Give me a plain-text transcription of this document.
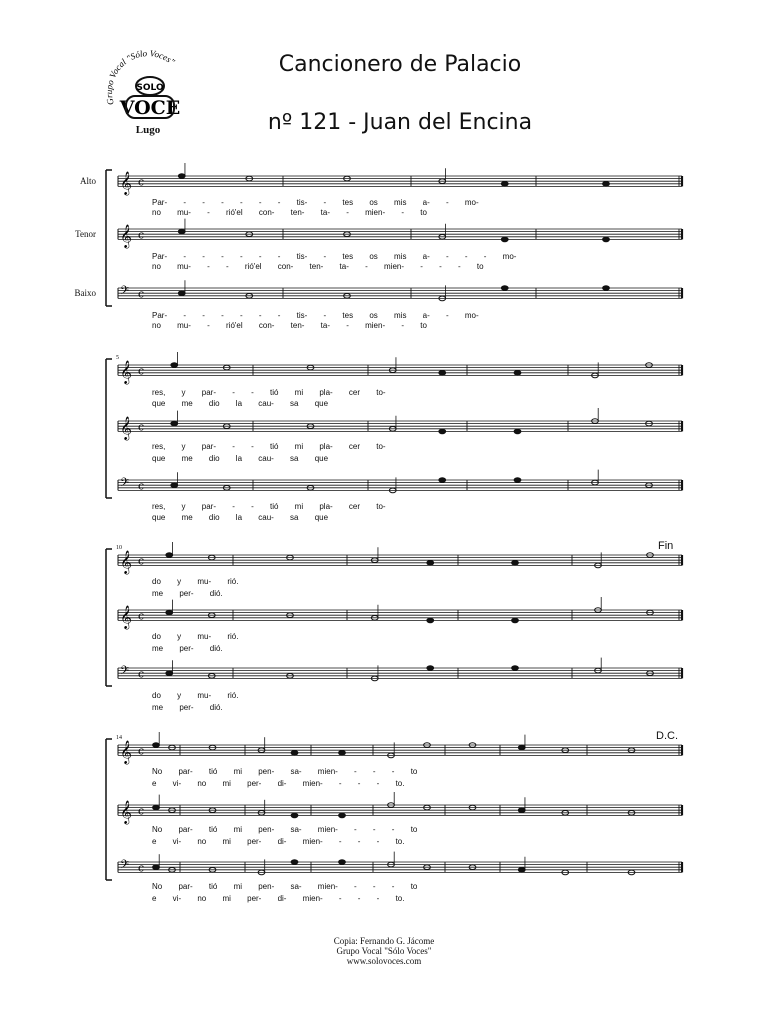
Cancionero de Palacio
nº 121 - Juan del Encina
Grupo Vocal "Sólo Voces"
SOLO
VOCE
Lugo
𝄞 c
𝄞 c
𝄢 c
𝄞 c
𝄞 c
𝄢 c
𝄞 c
𝄞 c
𝄢 c
𝄞 c
𝄞 c
𝄢 c
Alto
Par- - - - - - - tis- - tes os mis a- - mo-
no mu- - rió'el con- ten- ta- - mien- - to
Tenor
Par- - - - - - - tis- - tes os mis a- - - - mo-
no mu- - - rió'el con- ten- ta- - mien- - - - to
Baixo
Par- - - - - - - tis- - tes os mis a- - mo-
no mu- - rió'el con- ten- ta- - mien- - to
res, y par- - - tió mi pla- cer to-
que me dio la cau- sa que
res, y par- - - tió mi pla- cer to-
que me dio la cau- sa que
res, y par- - - tió mi pla- cer to-
que me dio la cau- sa que
5
do y mu- rió.
me per- dió.
do y mu- rió.
me per- dió.
do y mu- rió.
me per- dió.
10	Fin
No par- tió mi pen- sa- mien- - - - to
e vi- no mi per- di- mien- - - - to.
No par- tió mi pen- sa- mien- - - - to
e vi- no mi per- di- mien- - - - to.
No par- tió mi pen- sa- mien- - - - to
e vi- no mi per- di- mien- - - - to.
14	D.C.
Copia: Fernando G. Jácome
Grupo Vocal "Sólo Voces"
www.solovoces.com
